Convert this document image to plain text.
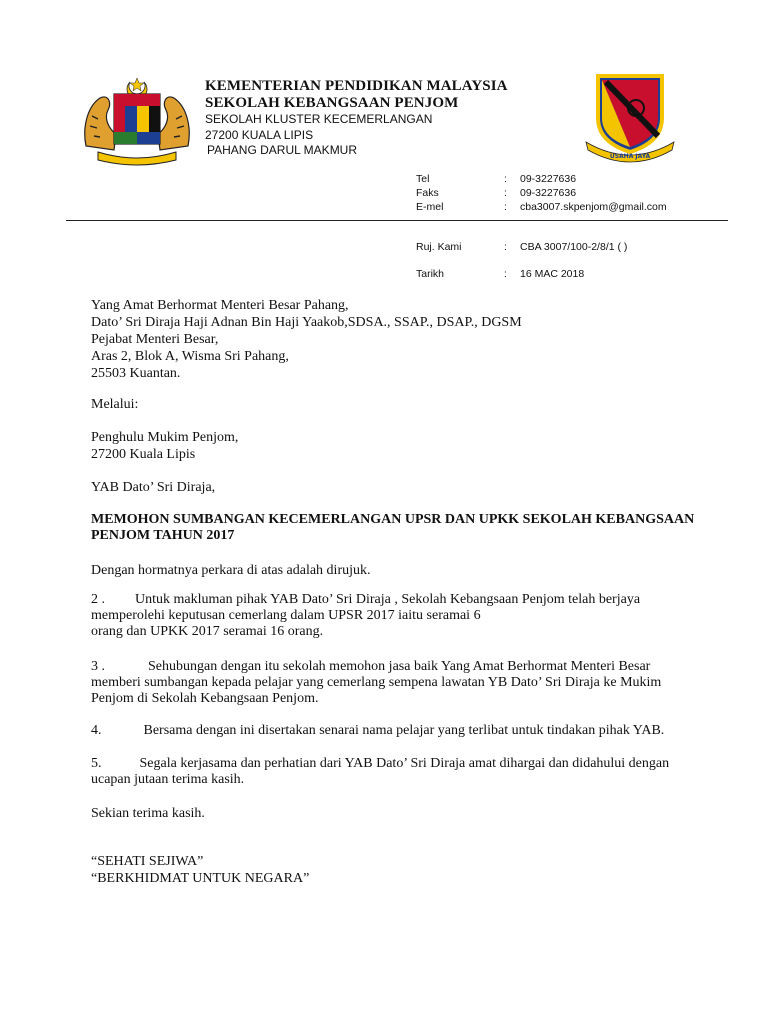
USAHA JAYA
KEMENTERIAN PENDIDIKAN MALAYSIA
SEKOLAH KEBANGSAAN PENJOM
SEKOLAH KLUSTER KECEMERLANGAN
27200 KUALA LIPIS
PAHANG DARUL MAKMUR
Tel	: 09-3227636
Faks	: 09-3227636
E-mel	: cba3007.skpenjom@gmail.com
Ruj. Kami	: CBA 3007/100-2/8/1 ( )
Tarikh	: 16 MAC 2018
Yang Amat Berhormat Menteri Besar Pahang,
Dato’ Sri Diraja Haji Adnan Bin Haji Yaakob,SDSA., SSAP., DSAP., DGSM
Pejabat Menteri Besar,
Aras 2, Blok A, Wisma Sri Pahang,
25503 Kuantan.
Melalui:
Penghulu Mukim Penjom,
27200 Kuala Lipis
YAB Dato’ Sri Diraja,
MEMOHON SUMBANGAN KECEMERLANGAN UPSR DAN UPKK SEKOLAH KEBANGSAAN
PENJOM TAHUN 2017
Dengan hormatnya perkara di atas adalah dirujuk.
2 . Untuk makluman pihak YAB Dato’ Sri Diraja , Sekolah Kebangsaan Penjom telah berjaya
memperolehi keputusan cemerlang dalam UPSR 2017 iaitu seramai 6
orang dan UPKK 2017 seramai 16 orang.
3 .	Sehubungan dengan itu sekolah memohon jasa baik Yang Amat Berhormat Menteri Besar
memberi sumbangan kepada pelajar yang cemerlang sempena lawatan YB Dato’ Sri Diraja ke Mukim
Penjom di Sekolah Kebangsaan Penjom.
4.	Bersama dengan ini disertakan senarai nama pelajar yang terlibat untuk tindakan pihak YAB.
5.	Segala kerjasama dan perhatian dari YAB Dato’ Sri Diraja amat dihargai dan didahului dengan
ucapan jutaan terima kasih.
Sekian terima kasih.
“SEHATI SEJIWA”
“BERKHIDMAT UNTUK NEGARA”
